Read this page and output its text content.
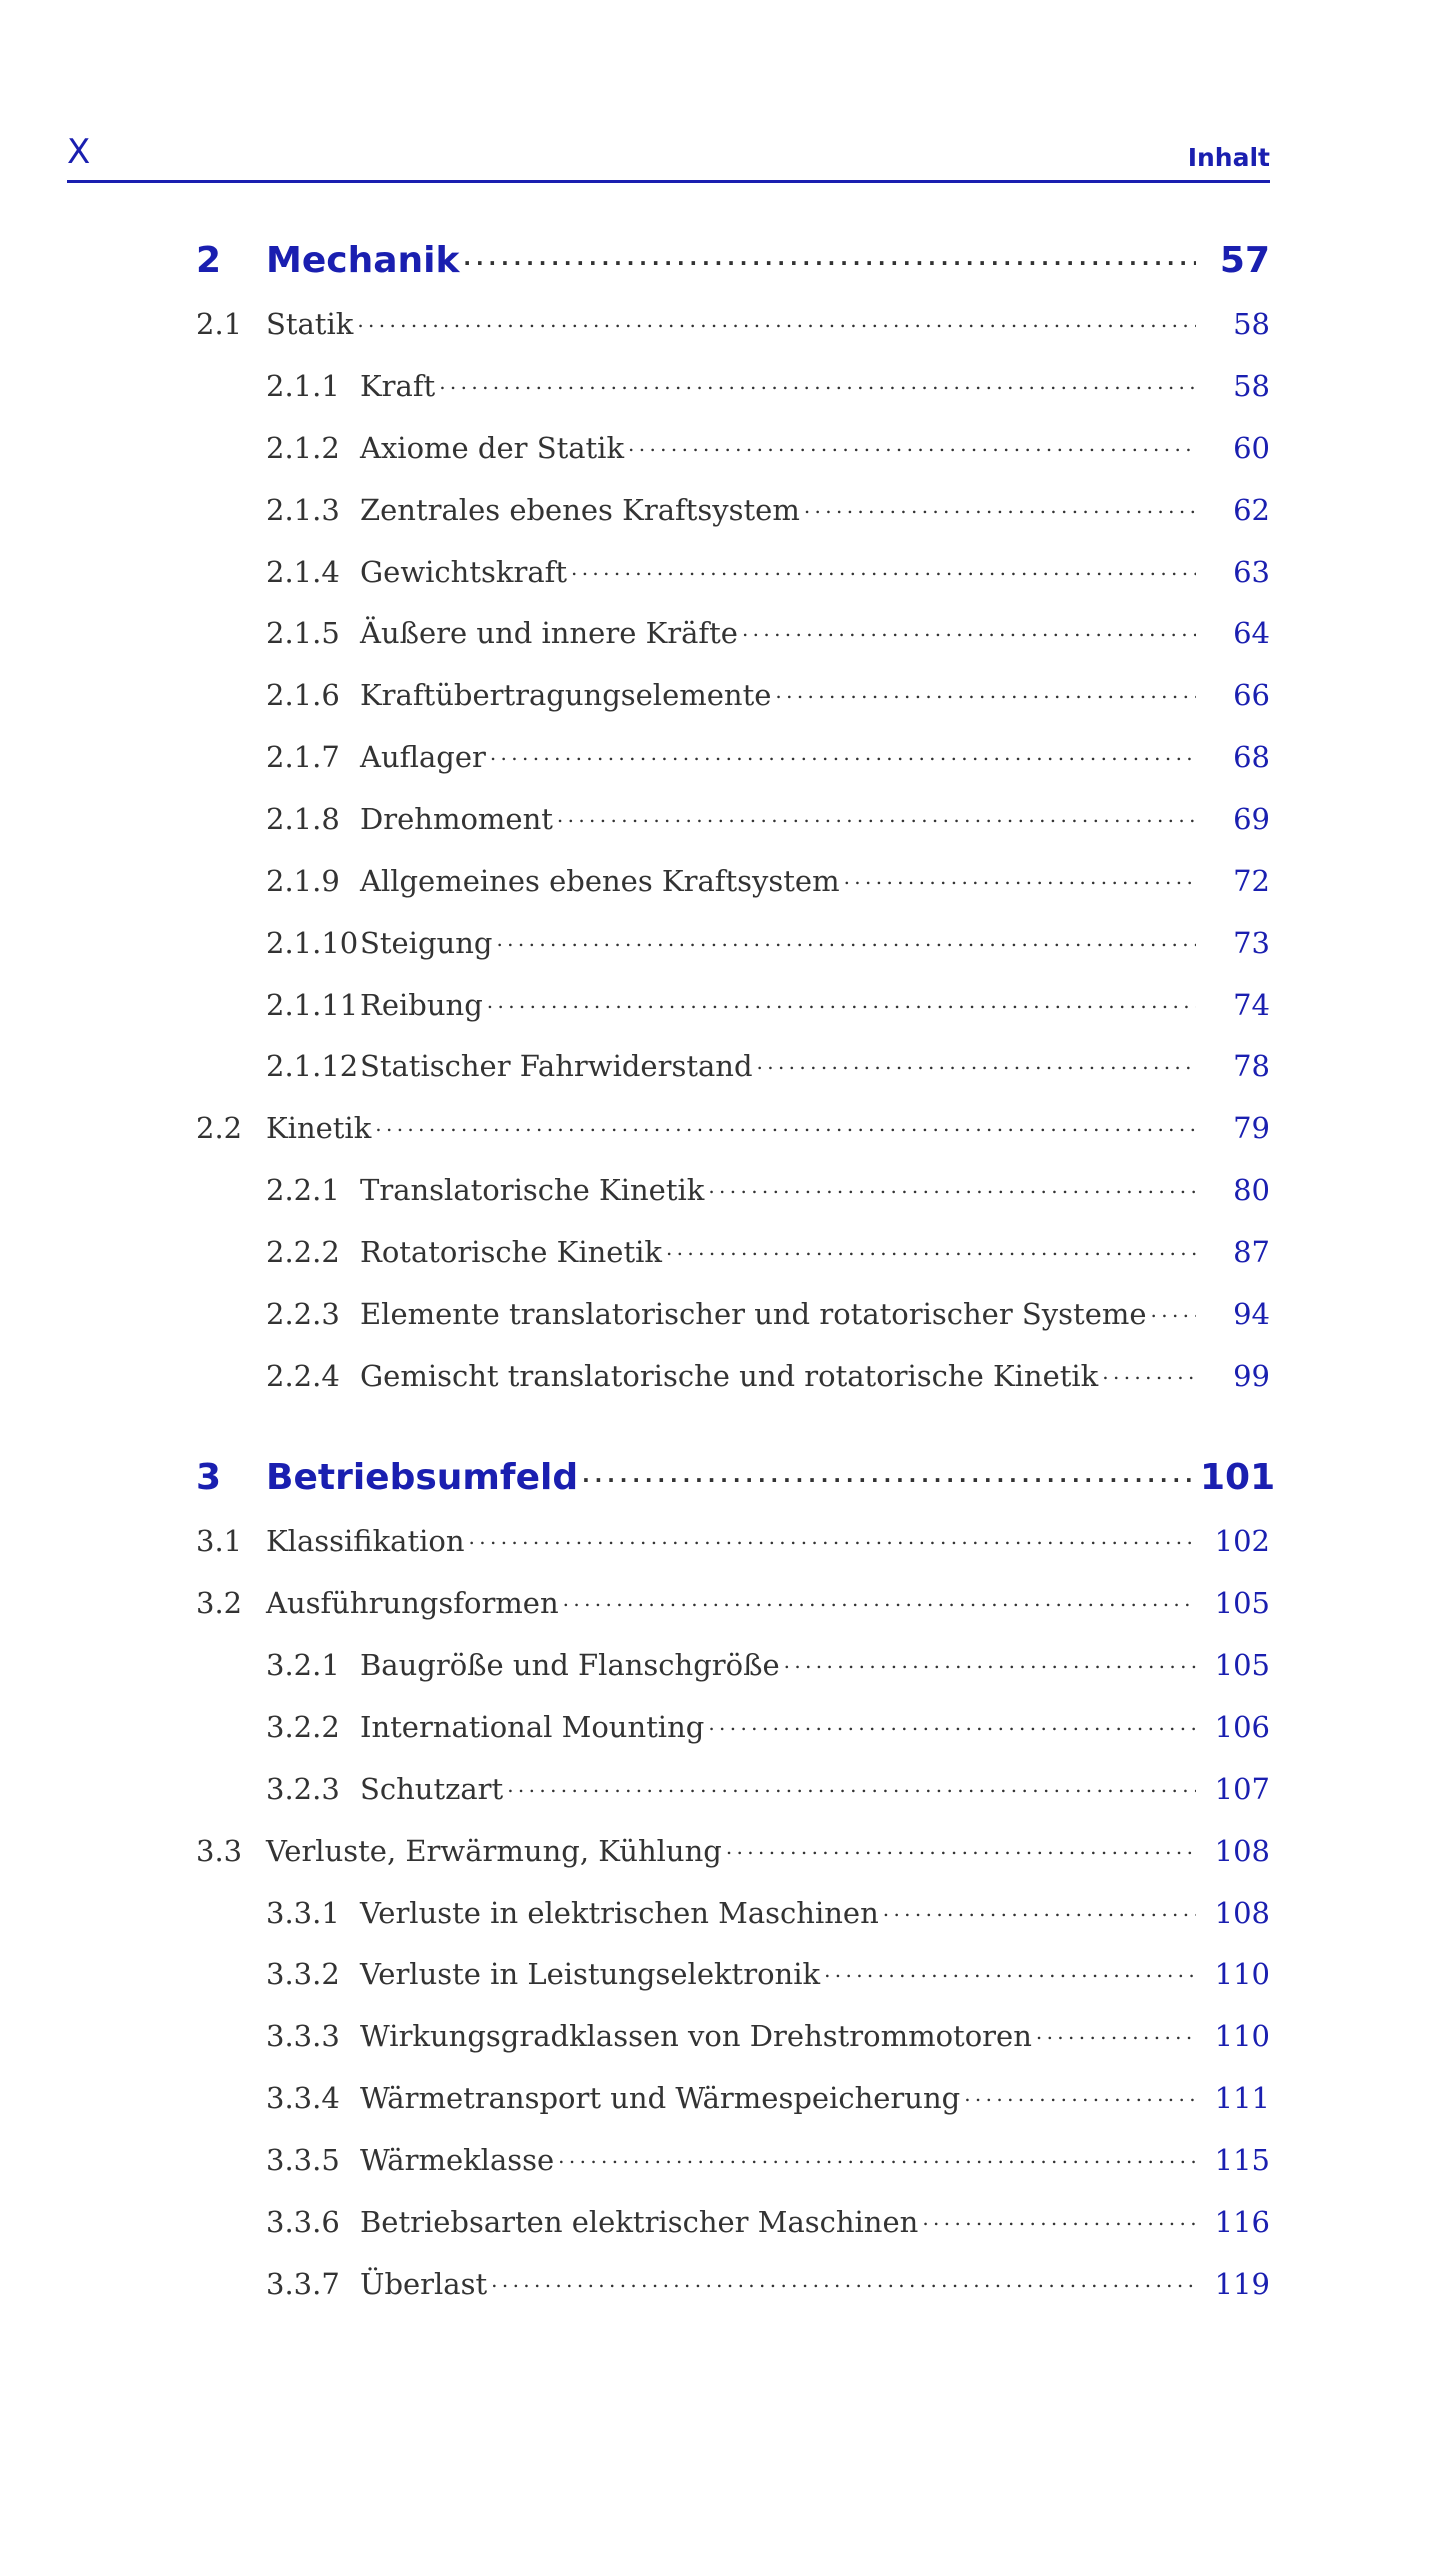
X	Inhalt
2	Mechanik . . .	57
2.1 Statik . . .	58
2.1.1 Kraft . . .	58
2.1.2 Axiome der Statik . . .	60
2.1.3 Zentrales ebenes Kraftsystem . . .	62
2.1.4 Gewichtskraft . . .	63
2.1.5 Äußere und innere Kräfte . . .	64
2.1.6 Kraftübertragungselemente . . .	66
2.1.7 Auflager . . .	68
2.1.8 Drehmoment . . .	69
2.1.9 Allgemeines ebenes Kraftsystem . . .	72
2.1.10 Steigung . . .	73
2.1.11 Reibung . . .	74
2.1.12 Statischer Fahrwiderstand . . .	78
2.2 Kinetik . . .	79
2.2.1 Translatorische Kinetik . . .	80
2.2.2 Rotatorische Kinetik . . .	87
2.2.3 Elemente translatorischer und rotatorischer Systeme . . .	94
2.2.4 Gemischt translatorische und rotatorische Kinetik . . .	99
3	Betriebsumfeld . . .	101
3.1 Klassifikation . . .	102
3.2 Ausführungsformen . . .	105
3.2.1 Baugröße und Flanschgröße . . .	105
3.2.2 International Mounting . . .	106
3.2.3 Schutzart . . .	107
3.3 Verluste, Erwärmung, Kühlung . . .	108
3.3.1 Verluste in elektrischen Maschinen . . .	108
3.3.2 Verluste in Leistungselektronik . . .	110
3.3.3 Wirkungsgradklassen von Drehstrommotoren . . .	110
3.3.4 Wärmetransport und Wärmespeicherung . . .	111
3.3.5 Wärmeklasse . . .	115
3.3.6 Betriebsarten elektrischer Maschinen . . .	116
3.3.7 Überlast . . .	119
